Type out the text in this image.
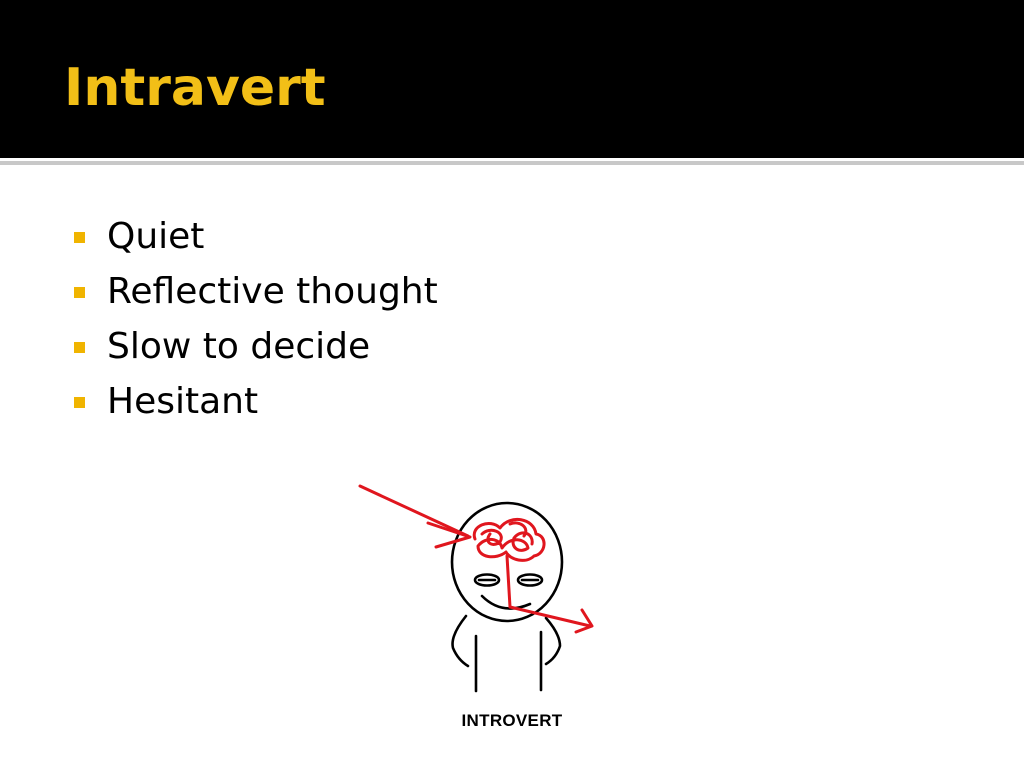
Intravert
Quiet
Reflective thought
Slow to decide
Hesitant
INTROVERT
